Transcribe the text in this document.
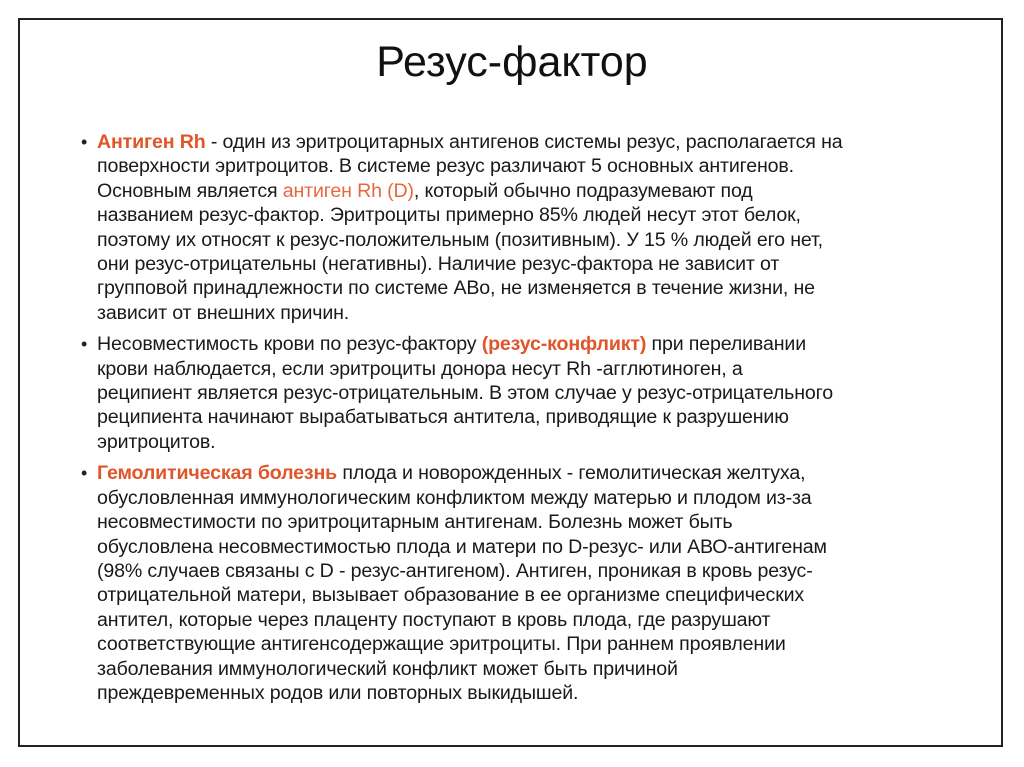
Резус-фактор
• Антиген Rh - один из эритроцитарных антигенов системы резус, располагается на
поверхности эритроцитов. В системе резус различают 5 основных антигенов.
Основным является антиген Rh (D), который обычно подразумевают под
названием резус-фактор. Эритроциты примерно 85% людей несут этот белок,
поэтому их относят к резус-положительным (позитивным). У 15 % людей его нет,
они резус-отрицательны (негативны). Наличие резус-фактора не зависит от
групповой принадлежности по системе АВо, не изменяется в течение жизни, не
зависит от внешних причин.
• Несовместимость крови по резус-фактору (резус-конфликт) при переливании
крови наблюдается, если эритроциты донора несут Rh -агглютиноген, а
реципиент является резус-отрицательным. В этом случае у резус-отрицательного
реципиента начинают вырабатываться антитела, приводящие к разрушению
эритроцитов.
• Гемолитическая болезнь плода и новорожденных - гемолитическая желтуха,
обусловленная иммунологическим конфликтом между матерью и плодом из-за
несовместимости по эритроцитарным антигенам. Болезнь может быть
обусловлена несовместимостью плода и матери по D-резус- или АВО-антигенам
(98% случаев связаны с D - резус-антигеном). Антиген, проникая в кровь резус-
отрицательной матери, вызывает образование в ее организме специфических
антител, которые через плаценту поступают в кровь плода, где разрушают
соответствующие антигенсодержащие эритроциты. При раннем проявлении
заболевания иммунологический конфликт может быть причиной
преждевременных родов или повторных выкидышей.
